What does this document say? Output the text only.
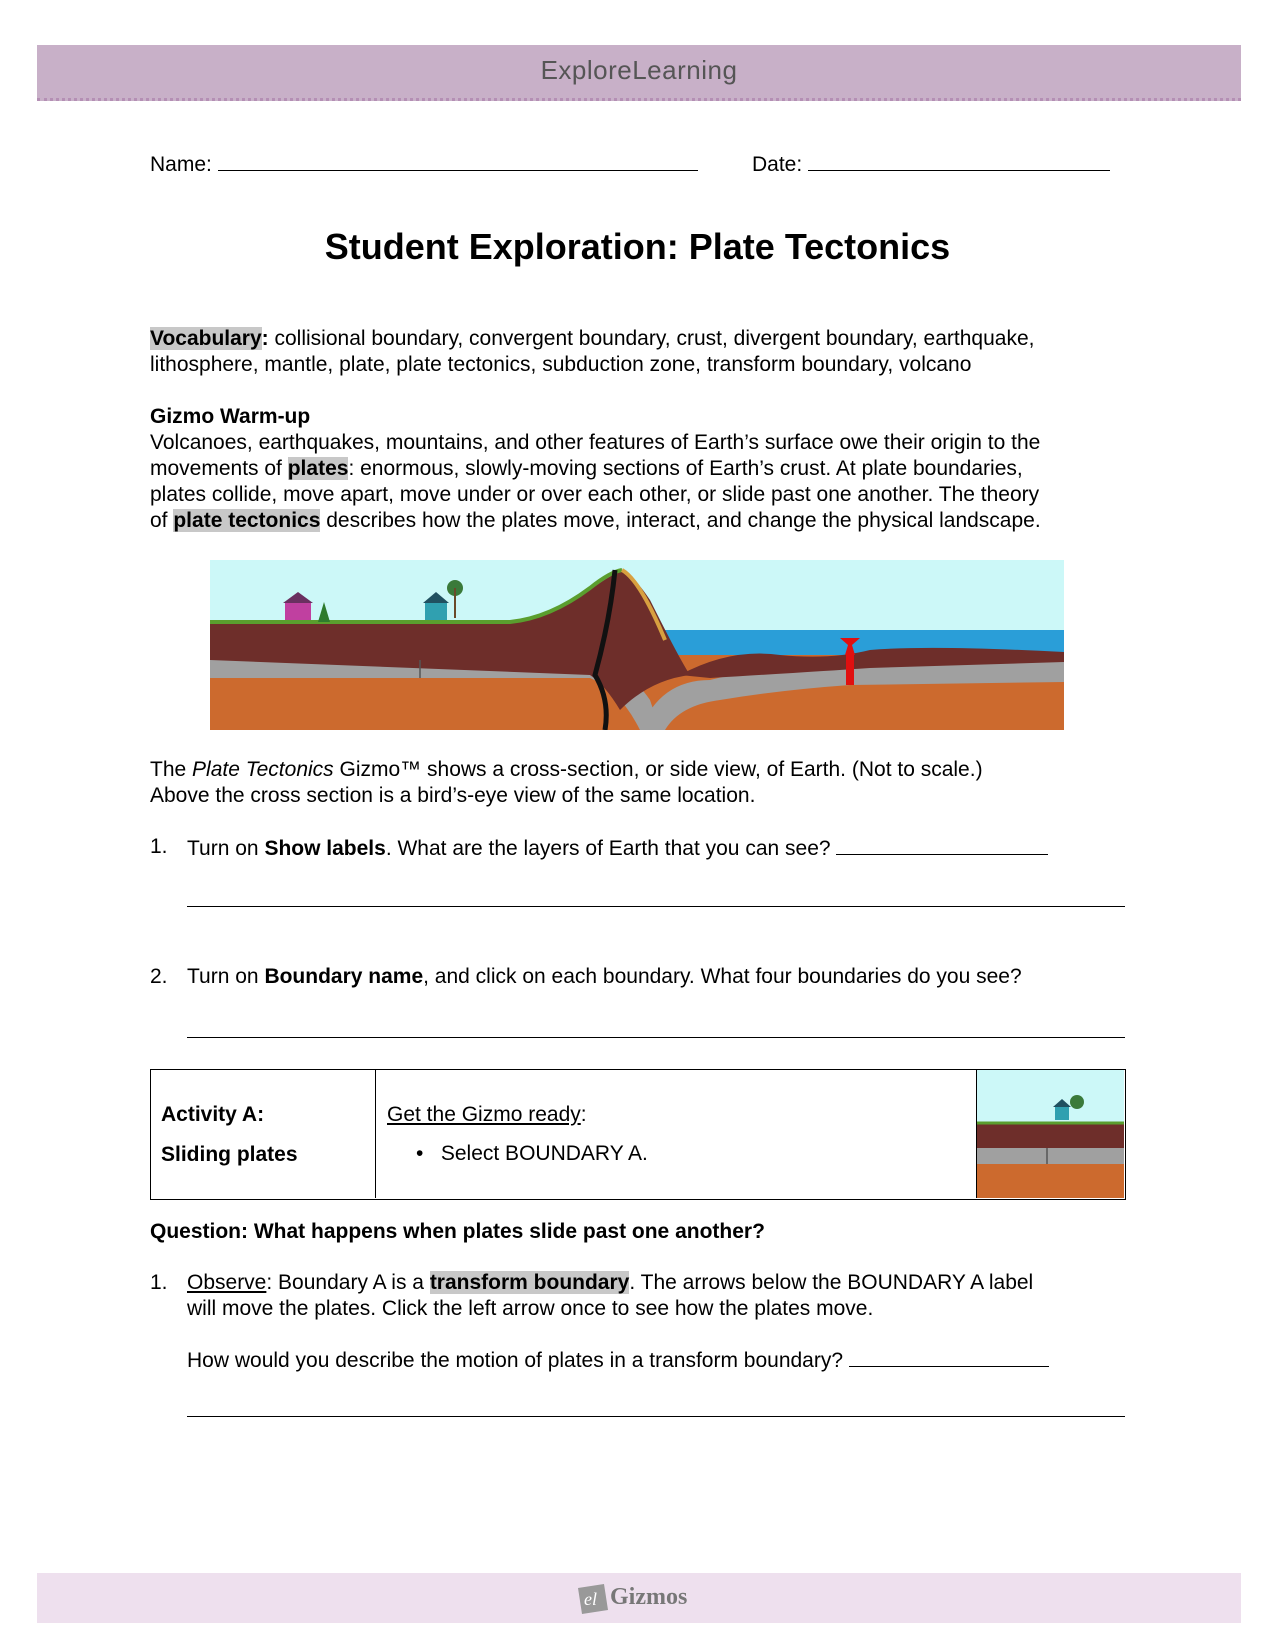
ExploreLearning
Name:	Date:
Student Exploration: Plate Tectonics
Vocabulary: collisional boundary, convergent boundary, crust, divergent boundary, earthquake,
lithosphere, mantle, plate, plate tectonics, subduction zone, transform boundary, volcano
Gizmo Warm-up
Volcanoes, earthquakes, mountains, and other features of Earth’s surface owe their origin to the
movements of plates: enormous, slowly-moving sections of Earth’s crust. At plate boundaries,
plates collide, move apart, move under or over each other, or slide past one another. The theory
of plate tectonics describes how the plates move, interact, and change the physical landscape.
The Plate Tectonics Gizmo™ shows a cross-section, or side view, of Earth. (Not to scale.)
Above the cross section is a bird’s-eye view of the same location.
1. Turn on Show labels. What are the layers of Earth that you can see?
2. Turn on Boundary name, and click on each boundary. What four boundaries do you see?
Activity A:
Sliding plates
Get the Gizmo ready:
•   Select BOUNDARY A.
Question: What happens when plates slide past one another?
1. Observe: Boundary A is a transform boundary. The arrows below the BOUNDARY A label
will move the plates. Click the left arrow once to see how the plates move.
How would you describe the motion of plates in a transform boundary?
el Gizmos
